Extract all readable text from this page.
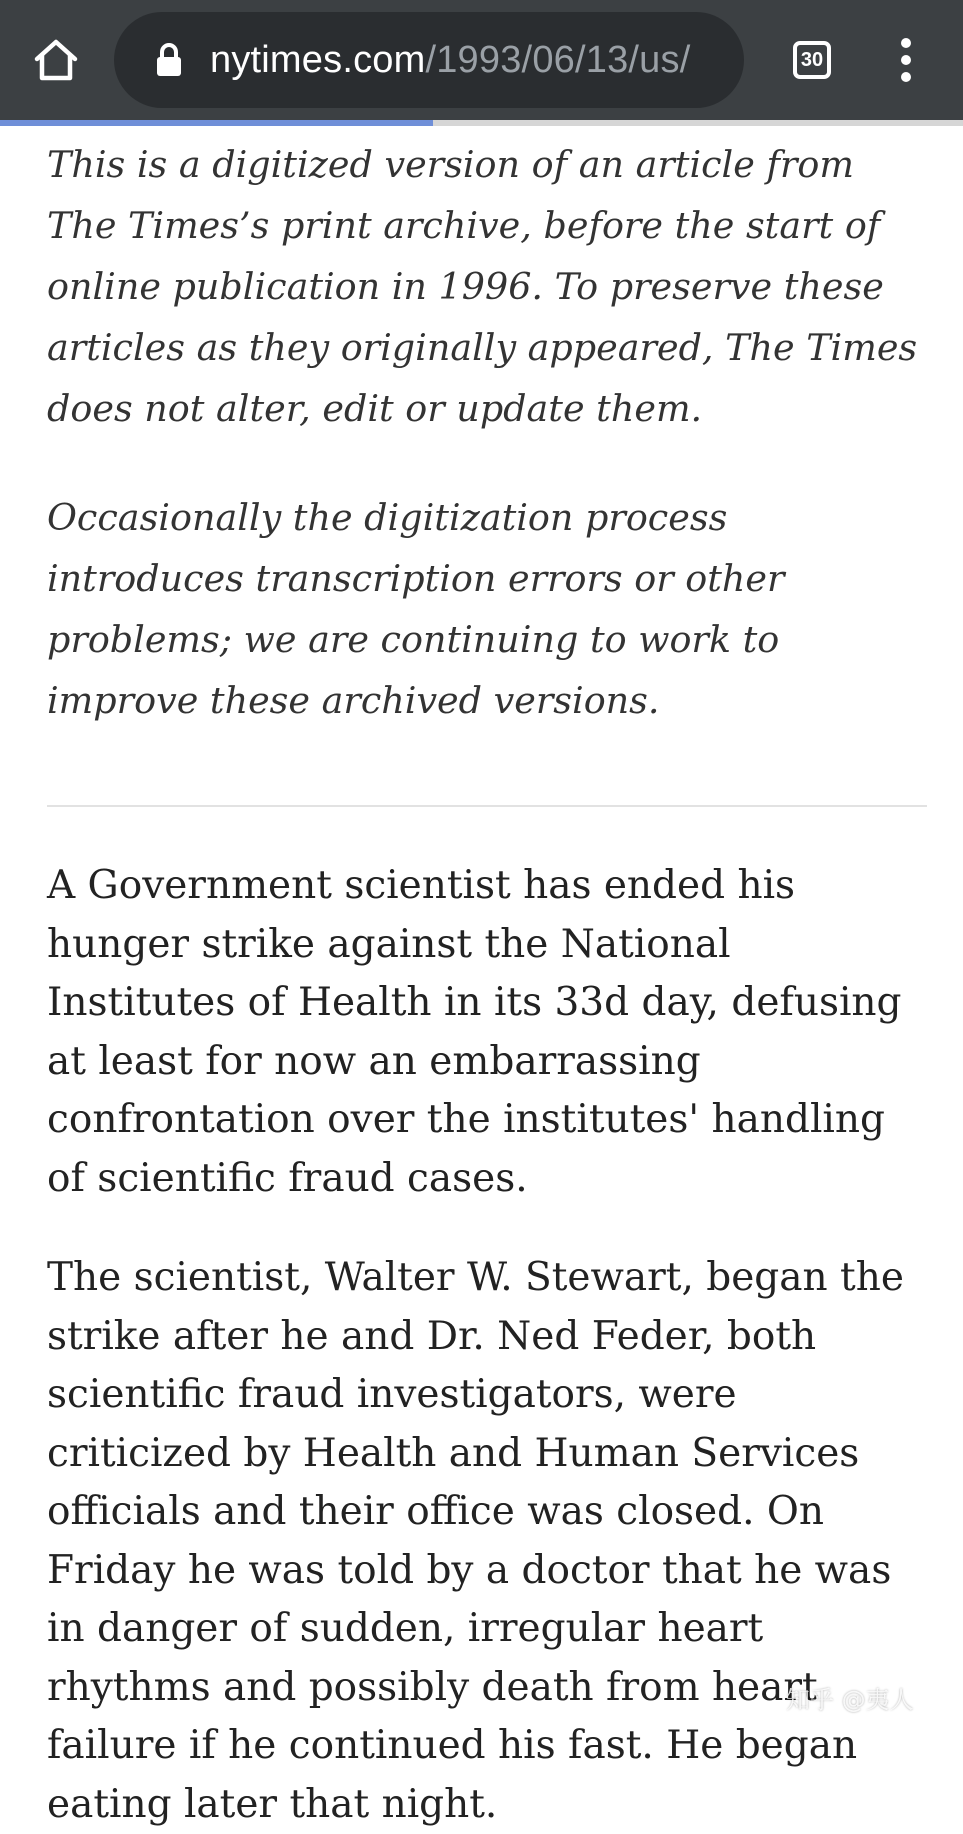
nytimes.com/1993/06/13/us/	30

This is a digitized version of an article from The Times’s print archive, before the start of online publication in 1996. To preserve these articles as they originally appeared, The Times does not alter, edit or update them.

Occasionally the digitization process introduces transcription errors or other problems; we are continuing to work to improve these archived versions.

A Government scientist has ended his hunger strike against the National Institutes of Health in its 33d day, defusing at least for now an embarrassing confrontation over the institutes' handling of scientific fraud cases.

The scientist, Walter W. Stewart, began the strike after he and Dr. Ned Feder, both scientific fraud investigators, were criticized by Health and Human Services officials and their office was closed. On Friday he was told by a doctor that he was in danger of sudden, irregular heart rhythms and possibly death from heart failure if he continued his fast. He began eating later that night.

知乎 @夷人
